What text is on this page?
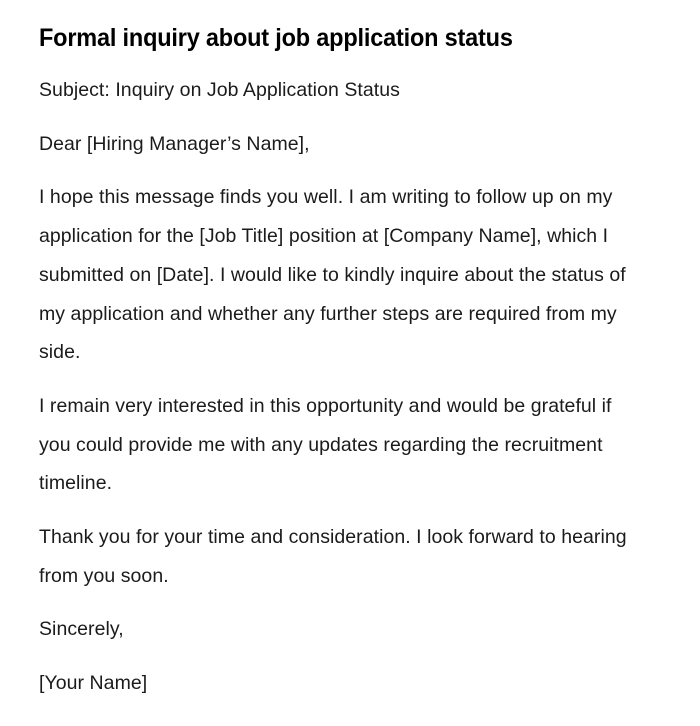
Formal inquiry about job application status

Subject: Inquiry on Job Application Status

Dear [Hiring Manager’s Name],

I hope this message finds you well. I am writing to follow up on my application for the [Job Title] position at [Company Name], which I submitted on [Date]. I would like to kindly inquire about the status of my application and whether any further steps are required from my side.

I remain very interested in this opportunity and would be grateful if you could provide me with any updates regarding the recruitment timeline.

Thank you for your time and consideration. I look forward to hearing from you soon.

Sincerely,

[Your Name]
